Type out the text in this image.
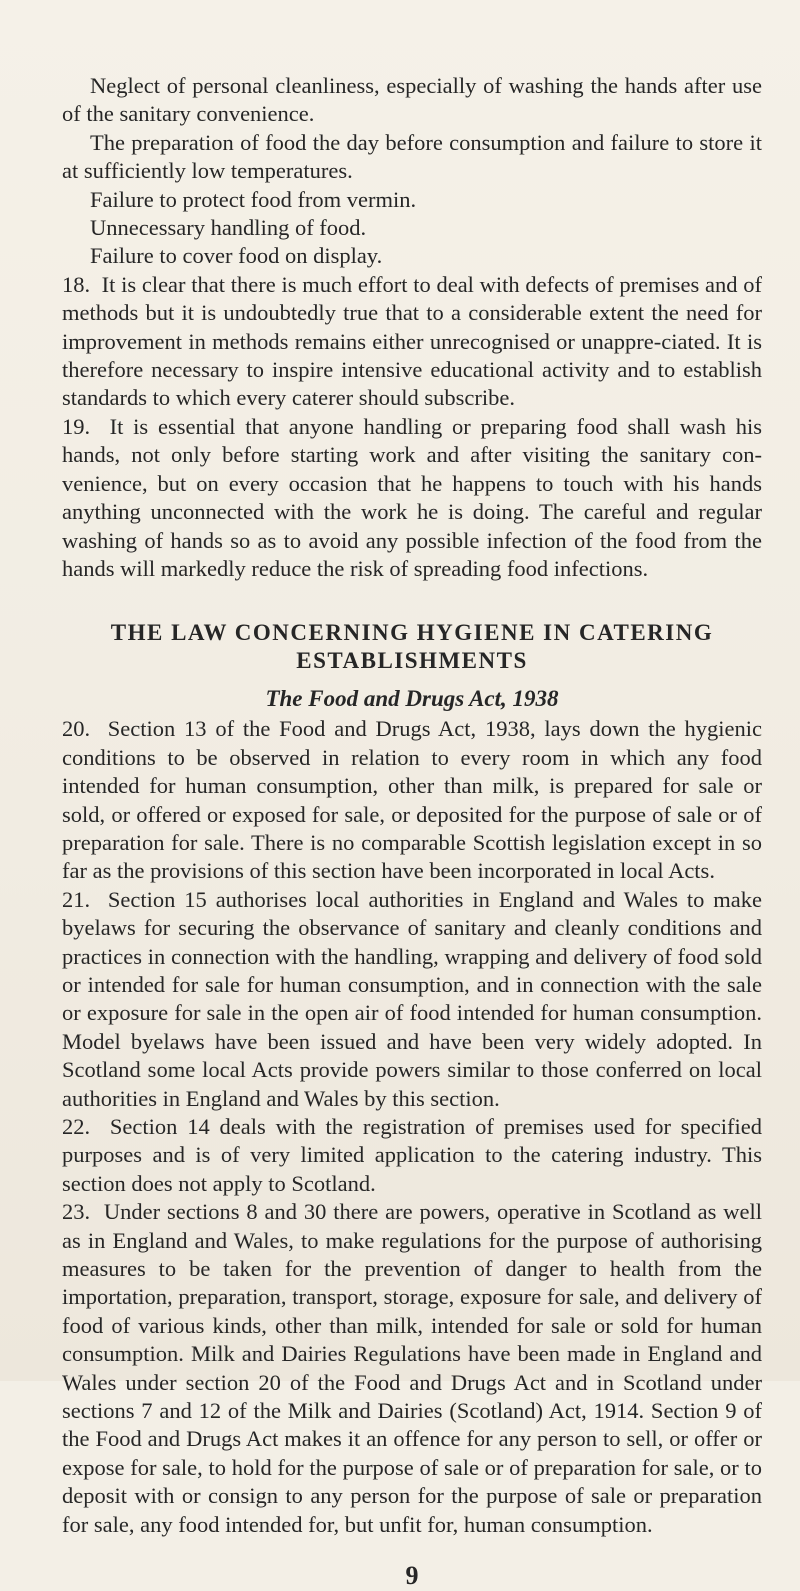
Neglect of personal cleanliness, especially of washing the hands after use of the sanitary convenience.

The preparation of food the day before consumption and failure to store it at sufficiently low temperatures.

Failure to protect food from vermin.

Unnecessary handling of food.

Failure to cover food on display.

18. It is clear that there is much effort to deal with defects of premises and of methods but it is undoubtedly true that to a considerable extent the need for improvement in methods remains either unrecognised or unappre-ciated. It is therefore necessary to inspire intensive educational activity and to establish standards to which every caterer should subscribe.

19. It is essential that anyone handling or preparing food shall wash his hands, not only before starting work and after visiting the sanitary con-venience, but on every occasion that he happens to touch with his hands anything unconnected with the work he is doing. The careful and regular washing of hands so as to avoid any possible infection of the food from the hands will markedly reduce the risk of spreading food infections.

THE LAW CONCERNING HYGIENE IN CATERING
ESTABLISHMENTS
The Food and Drugs Act, 1938

20. Section 13 of the Food and Drugs Act, 1938, lays down the hygienic conditions to be observed in relation to every room in which any food intended for human consumption, other than milk, is prepared for sale or sold, or offered or exposed for sale, or deposited for the purpose of sale or of preparation for sale. There is no comparable Scottish legislation except in so far as the provisions of this section have been incorporated in local Acts.

21. Section 15 authorises local authorities in England and Wales to make byelaws for securing the observance of sanitary and cleanly conditions and practices in connection with the handling, wrapping and delivery of food sold or intended for sale for human consumption, and in connection with the sale or exposure for sale in the open air of food intended for human consumption. Model byelaws have been issued and have been very widely adopted. In Scotland some local Acts provide powers similar to those conferred on local authorities in England and Wales by this section.

22. Section 14 deals with the registration of premises used for specified purposes and is of very limited application to the catering industry. This section does not apply to Scotland.

23. Under sections 8 and 30 there are powers, operative in Scotland as well as in England and Wales, to make regulations for the purpose of authorising measures to be taken for the prevention of danger to health from the importation, preparation, transport, storage, exposure for sale, and delivery of food of various kinds, other than milk, intended for sale or sold for human consumption. Milk and Dairies Regulations have been made in England and Wales under section 20 of the Food and Drugs Act and in Scotland under sections 7 and 12 of the Milk and Dairies (Scotland) Act, 1914. Section 9 of the Food and Drugs Act makes it an offence for any person to sell, or offer or expose for sale, to hold for the purpose of sale or of preparation for sale, or to deposit with or consign to any person for the purpose of sale or preparation for sale, any food intended for, but unfit for, human consumption.

9
